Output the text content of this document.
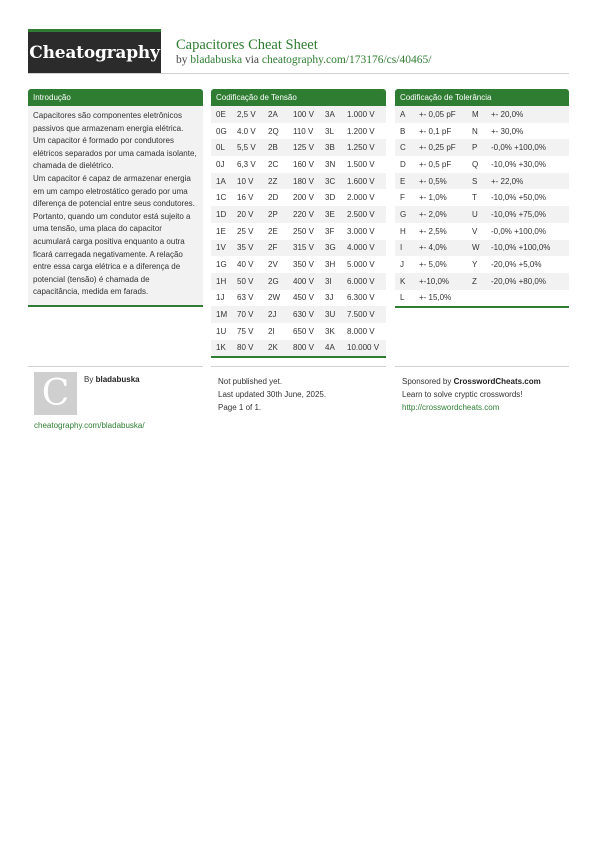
Cheatography Capacitores Cheat Sheet
by bladabuska via cheatography.com/173176/cs/40465/
Introdução

Capacitores são componentes eletrônicos passivos que armazenam energia elétrica.

Um capacitor é formado por condutores elétricos separados por uma camada isolante, chamada de dielétrico.

Um capacitor é capaz de armazenar energia em um campo eletrostático gerado por uma diferença de potencial entre seus condutores. Portanto, quando um condutor está sujeito a uma tensão, uma placa do capacitor acumulará carga positiva enquanto a outra ficará carregada negativamente. A relação entre essa carga elétrica e a diferença de potencial (tensão) é chamada de capacitância, medida em farads.

Codificação de Tensão
0E	2,5 V	2A	100 V	3A	1.000 V
0G	4.0 V	2Q	110 V	3L	1.200 V
0L	5,5 V	2B	125 V	3B	1.250 V
0J	6,3 V	2C	160 V	3N	1.500 V
1A	10 V	2Z	180 V	3C	1.600 V
1C	16 V	2D	200 V	3D	2.000 V
1D	20 V	2P	220 V	3E	2.500 V
1E	25 V	2E	250 V	3F	3.000 V
1V	35 V	2F	315 V	3G	4.000 V
1G	40 V	2V	350 V	3H	5.000 V
1H	50 V	2G	400 V	3I	6.000 V
1J	63 V	2W	450 V	3J	6.300 V
1M	70 V	2J	630 V	3U	7.500 V
1U	75 V	2I	650 V	3K	8.000 V
1K	80 V	2K	800 V	4A	10.000 V
Codificação de Tolerância
A	+- 0,05 pF	M	+- 20,0%
B	+- 0,1 pF	N	+- 30,0%
C	+- 0,25 pF	P	-0,0% +100,0%
D	+- 0,5 pF	Q	-10,0% +30,0%
E	+- 0,5%	S	+- 22,0%
F	+- 1,0%	T	-10,0% +50,0%
G	+- 2,0%	U	-10,0% +75,0%
H	+- 2,5%	V	-0,0% +100,0%
I	+- 4,0%	W	-10,0% +100,0%
J	+- 5,0%	Y	-20,0% +5,0%
K	+-10,0%	Z	-20,0% +80,0%
L	+- 15,0%		
C By bladabuska
cheatography.com/bladabuska/
Not published yet.
Last updated 30th June, 2025.
Page 1 of 1.
Sponsored by CrosswordCheats.com
Learn to solve cryptic crosswords!
http://crosswordcheats.com
